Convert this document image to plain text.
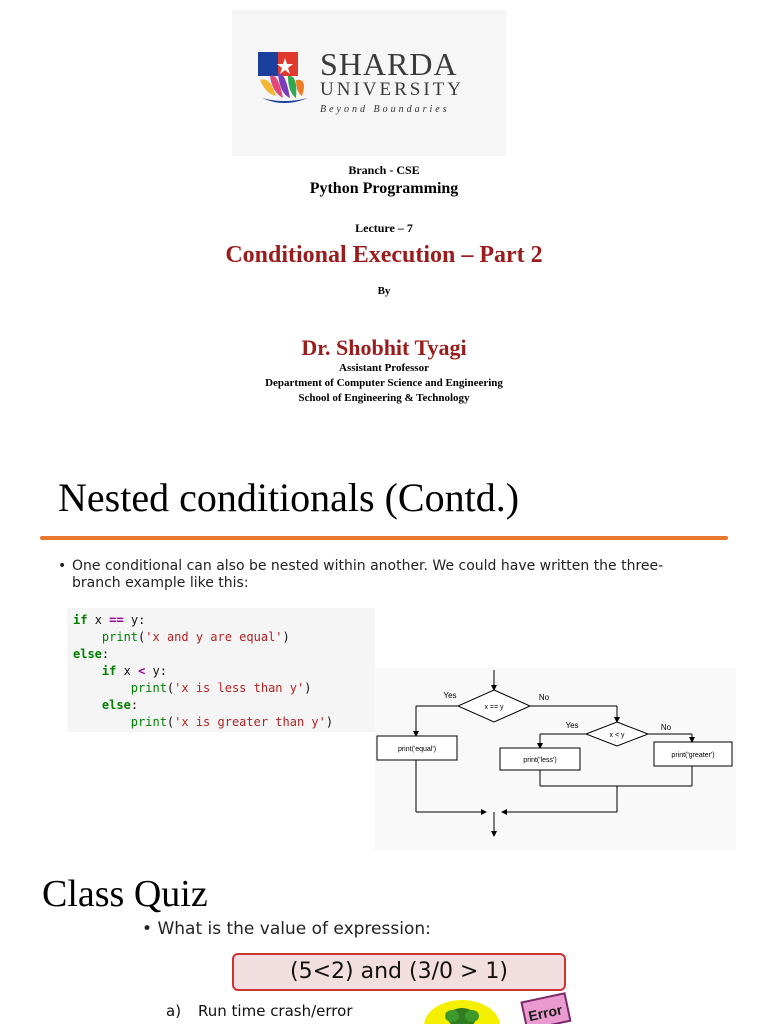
SHARDA
UNIVERSITY
Beyond Boundaries
Branch - CSE
Python Programming
Lecture – 7
Conditional Execution – Part 2
By
Dr. Shobhit Tyagi
Assistant Professor
Department of Computer Science and Engineering
School of Engineering & Technology
Nested conditionals (Contd.)
• One conditional can also be nested within another. We could have written the three-branch example like this:
if x == y:
print('x and y are equal')
else:
if x < y:
print('x is less than y')
else:
print('x is greater than y')
x == y
x < y
print('equal')
print('less')
print('greater')
Yes	No
Yes	No
Class Quiz
• What is the value of expression:
(5<2) and (3/0 > 1)
a) Run time crash/error	Error
